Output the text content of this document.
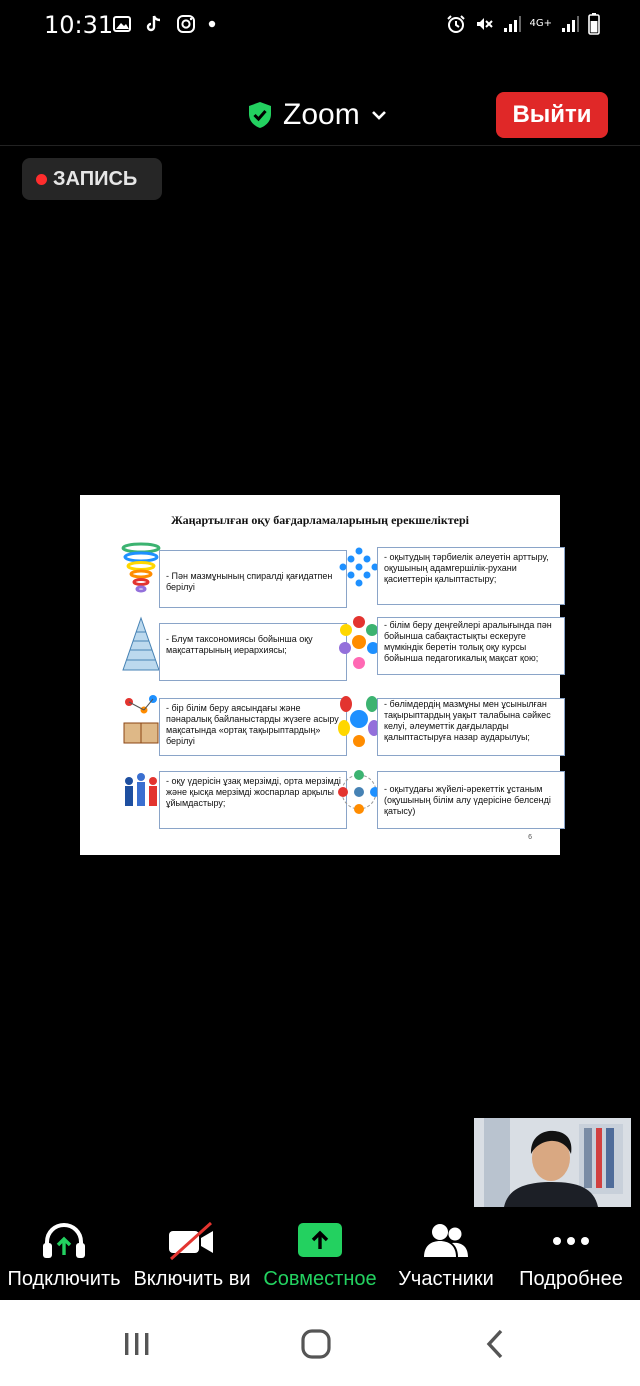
10:31	4G+
Zoom	Выйти
ЗАПИСЬ
Жаңартылған оқу бағдарламаларының ерекшеліктері
- Пән мазмұнының спиралді қағидатпен берілуі
- Блум таксономиясы бойынша оқу мақсаттарының иерархиясы;
- бір білім беру аясындағы және пәнаралық байланыстарды жүзеге асыру мақсатында «ортақ тақырыптардың» берілуі
- оқу үдерісін ұзақ мерзімді, орта мерзімді және қысқа мерзімді жоспарлар арқылы ұйымдастыру;
- оқытудың тәрбиелік әлеуетін арттыру, оқушының адамгершілік-рухани қасиеттерін қалыптастыру;
- білім беру деңгейлері аралығында пән бойынша сабақтастықты ескеруге мүмкіндік беретін толық оқу курсы бойынша педагогикалық мақсат қою;
- бөлімдердің мазмұны мен ұсынылған тақырыптардың уақыт талабына сәйкес келуі, әлеуметтік дағдыларды қалыптастыруға назар аударылуы;
- оқытудағы жүйелі-әрекеттік ұстаным (оқушының білім алу үдерісіне белсенді қатысу)
6
Подключить Включить ви Совместное Участники Подробнее
